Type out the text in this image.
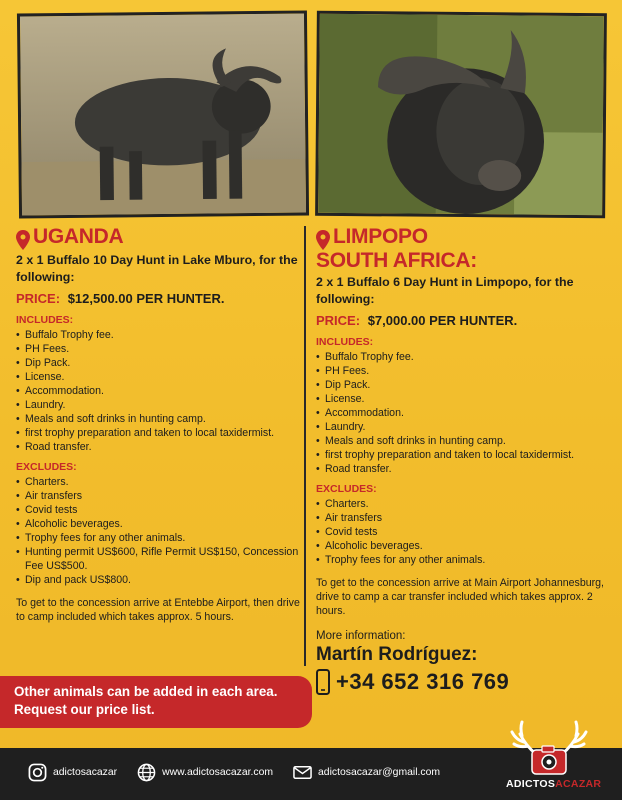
UGANDA
2 x 1 Buffalo 10 Day Hunt in Lake Mburo, for the following:
PRICE: $12,500.00 PER HUNTER.
INCLUDES:
• Buffalo Trophy fee.
• PH Fees.
• Dip Pack.
• License.
• Accommodation.
• Laundry.
• Meals and soft drinks in hunting camp.
• first trophy preparation and taken to local taxidermist.
• Road transfer.
EXCLUDES:
• Charters.
• Air transfers
• Covid tests
• Alcoholic beverages.
• Trophy fees for any other animals.
• Hunting permit US$600, Rifle Permit US$150, Concession Fee US$500.
• Dip and pack US$800.
To get to the concession arrive at Entebbe Airport, then drive to camp included which takes approx. 5 hours.
LIMPOPO
SOUTH AFRICA:
2 x 1 Buffalo 6 Day Hunt in Limpopo, for the following:
PRICE: $7,000.00 PER HUNTER.
INCLUDES:
• Buffalo Trophy fee.
• PH Fees.
• Dip Pack.
• License.
• Accommodation.
• Laundry.
• Meals and soft drinks in hunting camp.
• first trophy preparation and taken to local taxidermist.
• Road transfer.
EXCLUDES:
• Charters.
• Air transfers
• Covid tests
• Alcoholic beverages.
• Trophy fees for any other animals.
To get to the concession arrive at Main Airport Johannesburg, drive to camp a car transfer included which takes approx. 2 hours.
More information:
Martín Rodríguez:
+34 652 316 769
Other animals can be added in each area.
Request our price list.
adictosacazar	www.adictosacazar.com	adictosacazar@gmail.com
ADICTOSACAZAR
